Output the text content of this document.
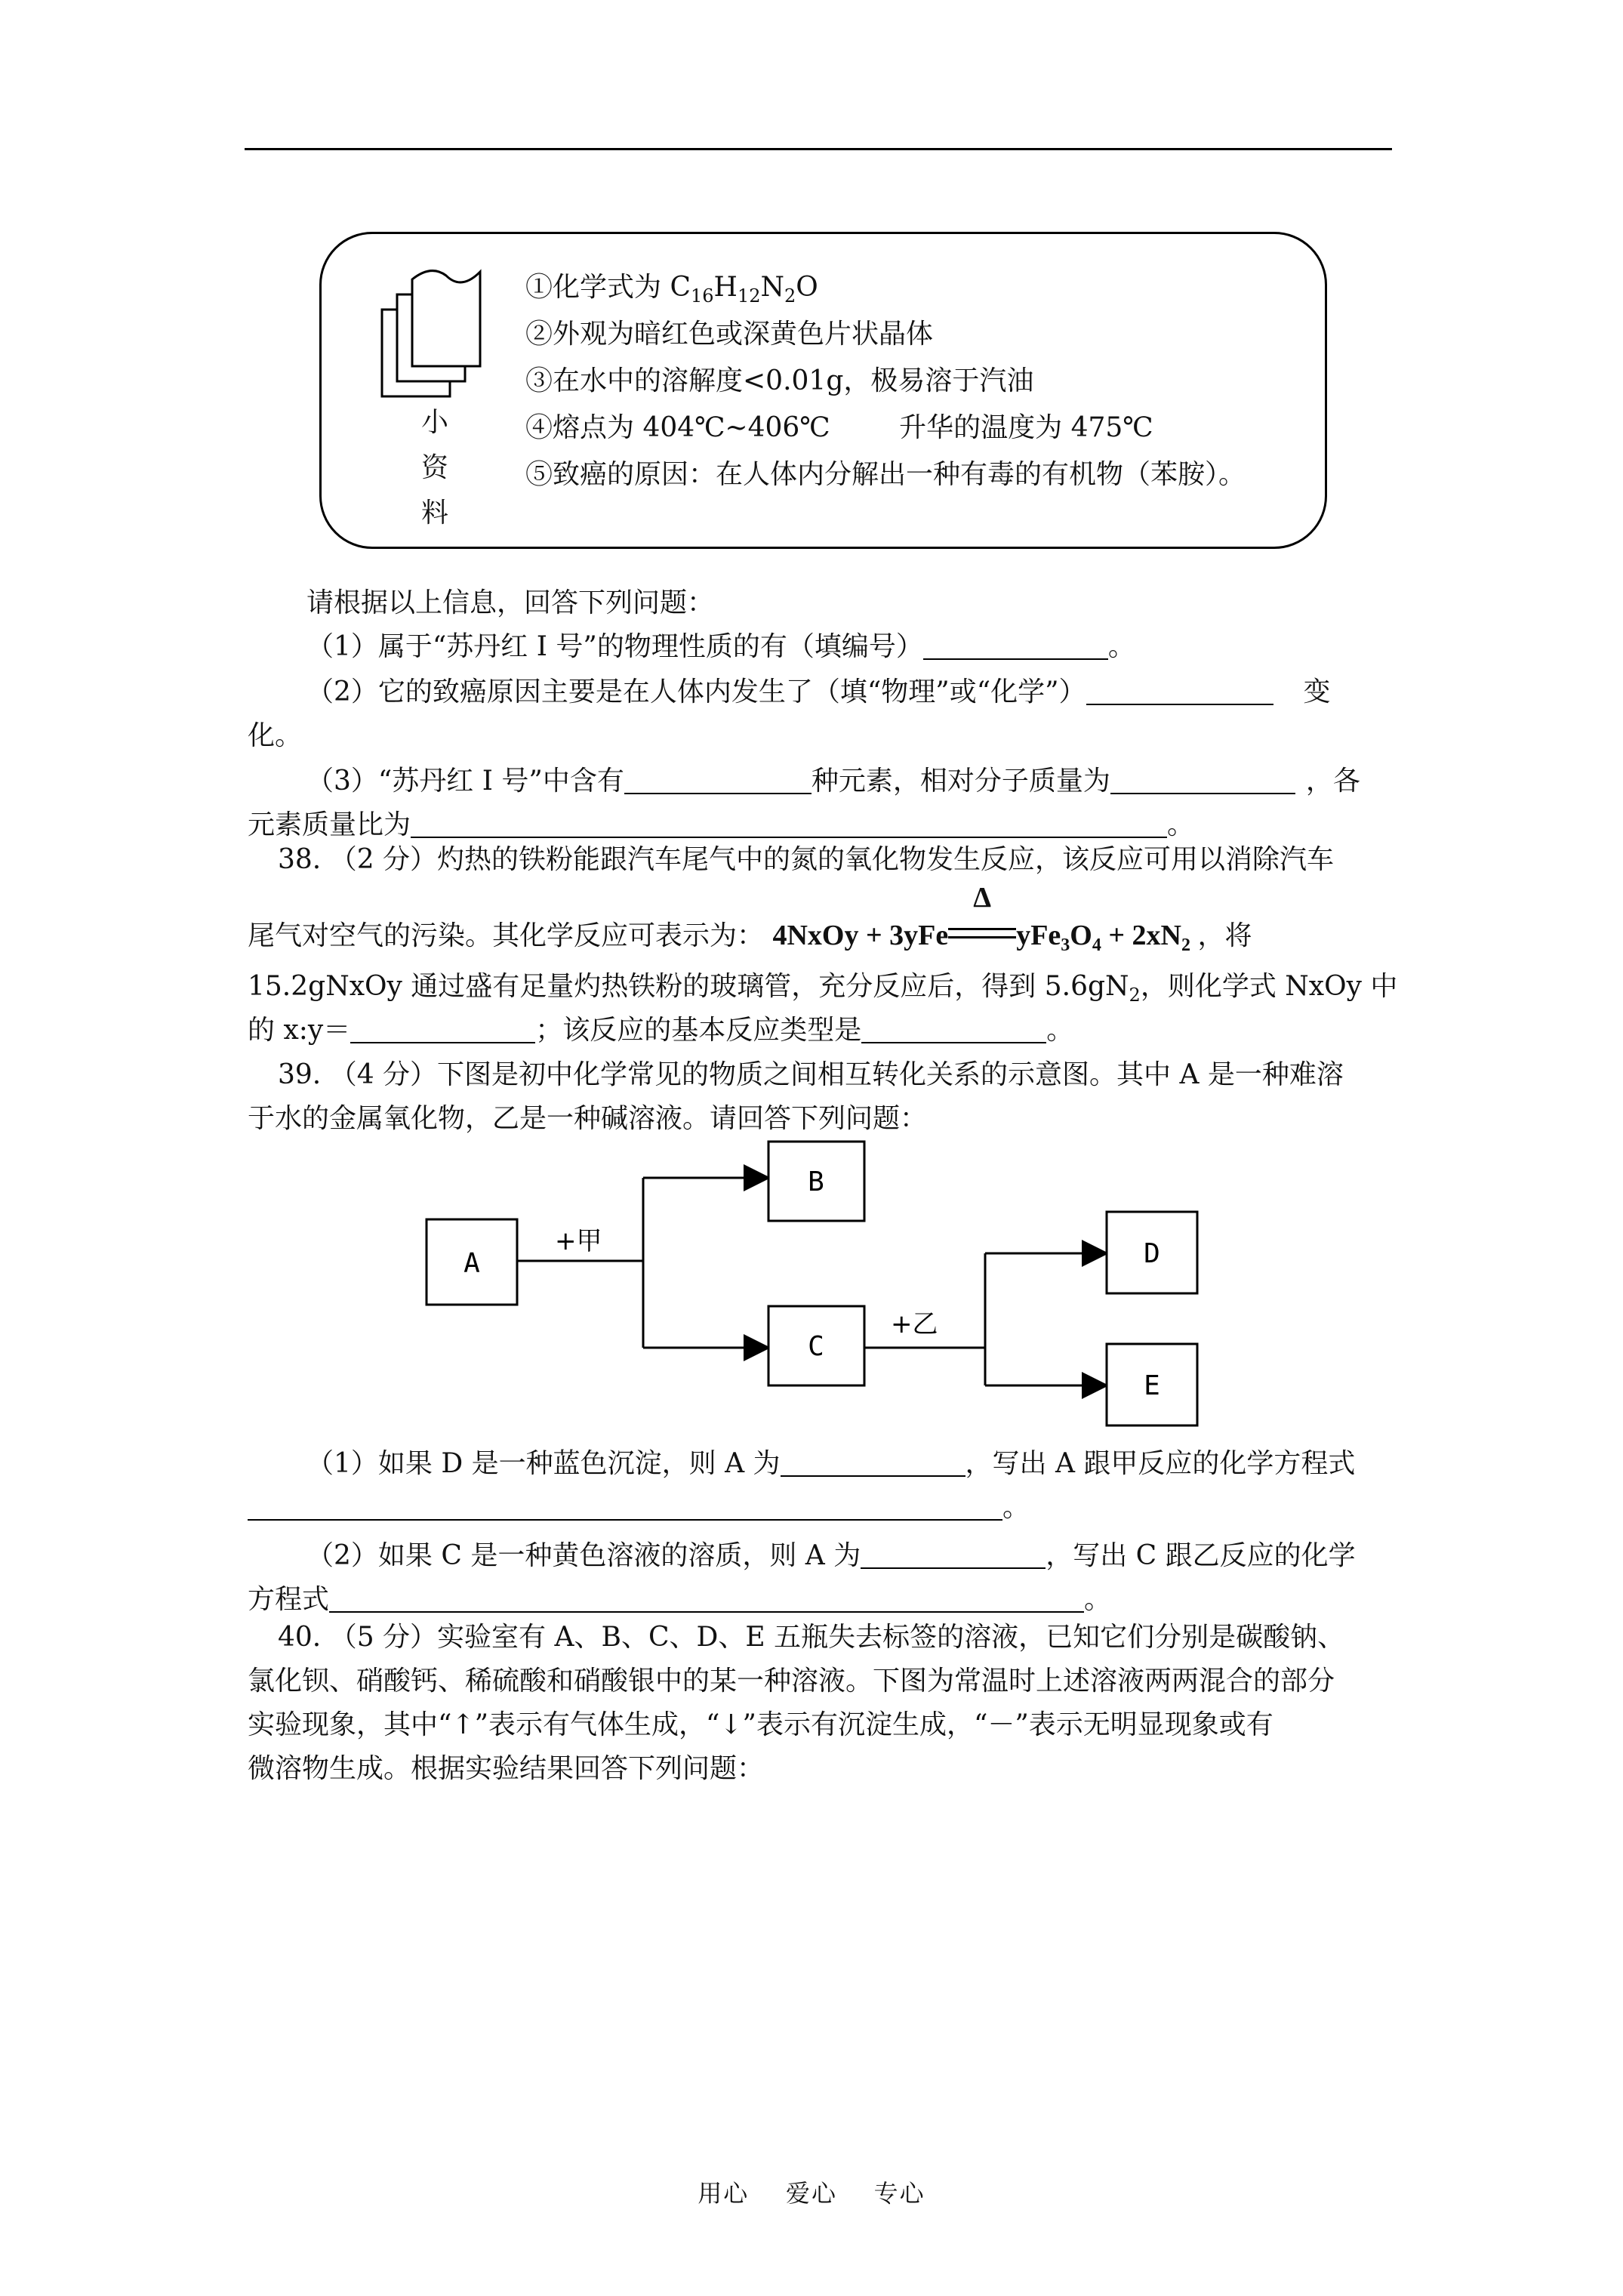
小
资
料
①化学式为 $C_{16}H_{12}N_2O$
②外观为暗红色或深黄色片状晶体
③在水中的溶解度<0.01g，极易溶于汽油
④熔点为 404℃~406℃        升华的温度为 475℃
⑤致癌的原因：在人体内分解出一种有毒的有机物（苯胺）。
请根据以上信息，回答下列问题：
（1）属于“苏丹红 I 号”的物理性质的有（填编号）	。
（2）它的致癌原因主要是在人体内发生了（填“物理”或“化学”）	变
化。
（3）“苏丹红 I 号”中含有	种元素，相对分子质量为	，各
元素质量比为	。
38. （2 分）灼热的铁粉能跟汽车尾气中的氮的氧化物发生反应，该反应可用以消除汽车
尾气对空气的污染。其化学反应可表示为： 4NxOy + 3yFe
Δ
$yFe_3O_4 + 2xN_2$ ，将
15.2gNxOy 通过盛有足量灼热铁粉的玻璃管，充分反应后，得到 $5.6gN_2$，则化学式 NxOy 中
的 x:y＝	；该反应的基本反应类型是	。
39. （4 分）下图是初中化学常见的物质之间相互转化关系的示意图。其中 A 是一种难溶
于水的金属氧化物，乙是一种碱溶液。请回答下列问题：
A
+甲
B
C
+乙
D
E
（1）如果 D 是一种蓝色沉淀，则 A 为	，写出 A 跟甲反应的化学方程式
。
（2）如果 C 是一种黄色溶液的溶质，则 A 为	，写出 C 跟乙反应的化学
方程式	。
40. （5 分）实验室有 A、B、C、D、E 五瓶失去标签的溶液，已知它们分别是碳酸钠、
氯化钡、硝酸钙、稀硫酸和硝酸银中的某一种溶液。下图为常温时上述溶液两两混合的部分
实验现象，其中“↑”表示有气体生成，“↓”表示有沉淀生成，“－”表示无明显现象或有
微溶物生成。根据实验结果回答下列问题：
用心    爱心    专心
